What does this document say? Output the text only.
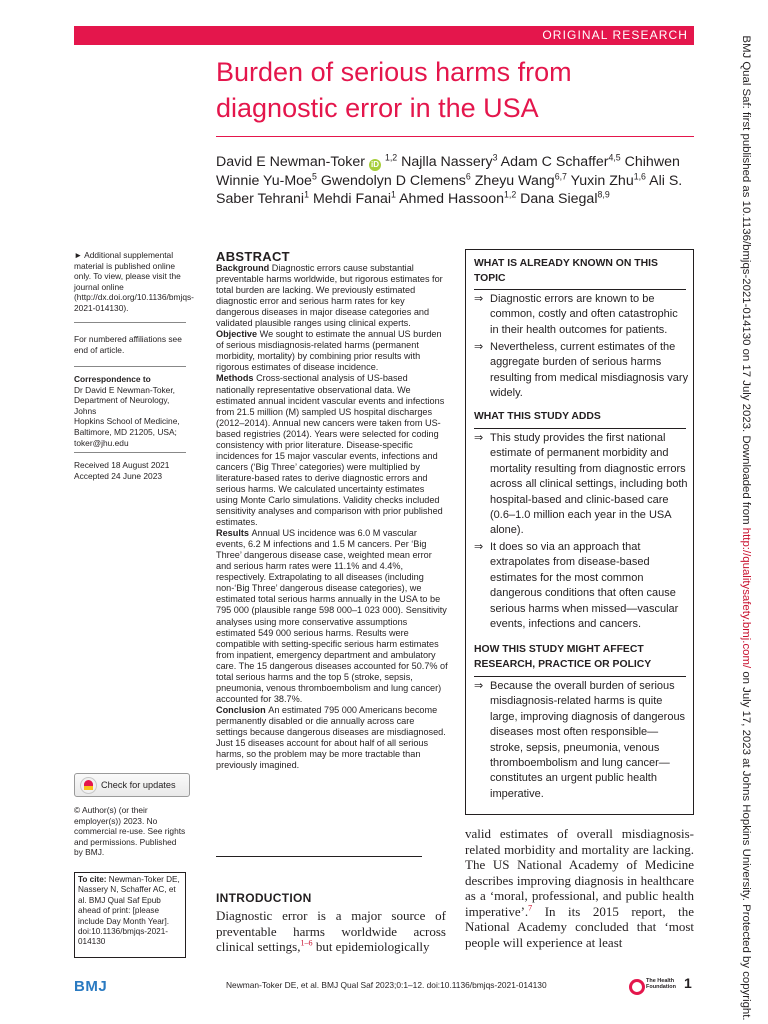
ORIGINAL RESEARCH
BMJ Qual Saf: first published as 10.1136/bmjqs-2021-014130 on 17 July 2023. Downloaded from http://qualitysafety.bmj.com/ on July 17, 2023 at Johns Hopkins University. Protected by copyright.
Burden of serious harms from diagnostic error in the USA
David E Newman-Toker iD $^{1,2}$ Najlla Nassery$^3$ Adam C Schaffer$^{4,5}$ Chihwen Winnie Yu-Moe$^5$ Gwendolyn D Clemens$^6$ Zheyu Wang$^{6,7}$ Yuxin Zhu$^{1,6}$ Ali S. Saber Tehrani$^1$ Mehdi Fanai$^1$ Ahmed Hassoon$^{1,2}$ Dana Siegal$^{8,9}$
► Additional supplemental material is published online only. To view, please visit the journal online (http://dx.doi.org/10.1136/bmjqs-2021-014130).
For numbered affiliations see end of article.
Correspondence to
Dr David E Newman-Toker,
Department of Neurology, Johns
Hopkins School of Medicine,
Baltimore, MD 21205, USA;
toker@jhu.edu
Received 18 August 2021
Accepted 24 June 2023
Check for updates
© Author(s) (or their employer(s)) 2023. No commercial re-use. See rights and permissions. Published by BMJ.
To cite: Newman-Toker DE, Nassery N, Schaffer AC, et al. BMJ Qual Saf Epub ahead of print: [please include Day Month Year]. doi:10.1136/bmjqs-2021-014130
ABSTRACT

Background Diagnostic errors cause substantial preventable harms worldwide, but rigorous estimates for total burden are lacking. We previously estimated diagnostic error and serious harm rates for key dangerous diseases in major disease categories and validated plausible ranges using clinical experts.

Objective We sought to estimate the annual US burden of serious misdiagnosis-related harms (permanent morbidity, mortality) by combining prior results with rigorous estimates of disease incidence.

Methods Cross-sectional analysis of US-based nationally representative observational data. We estimated annual incident vascular events and infections from 21.5 million (M) sampled US hospital discharges (2012–2014). Annual new cancers were taken from US-based registries (2014). Years were selected for coding consistency with prior literature. Disease-specific incidences for 15 major vascular events, infections and cancers (‘Big Three’ categories) were multiplied by literature-based rates to derive diagnostic errors and serious harms. We calculated uncertainty estimates using Monte Carlo simulations. Validity checks included sensitivity analyses and comparison with prior published estimates.

Results Annual US incidence was 6.0 M vascular events, 6.2 M infections and 1.5 M cancers. Per ‘Big Three’ dangerous disease case, weighted mean error and serious harm rates were 11.1% and 4.4%, respectively. Extrapolating to all diseases (including non-‘Big Three’ dangerous disease categories), we estimated total serious harms annually in the USA to be 795 000 (plausible range 598 000–1 023 000). Sensitivity analyses using more conservative assumptions estimated 549 000 serious harms. Results were compatible with setting-specific serious harm estimates from inpatient, emergency department and ambulatory care. The 15 dangerous diseases accounted for 50.7% of total serious harms and the top 5 (stroke, sepsis, pneumonia, venous thromboembolism and lung cancer) accounted for 38.7%.

Conclusion An estimated 795 000 Americans become permanently disabled or die annually across care settings because dangerous diseases are misdiagnosed. Just 15 diseases account for about half of all serious harms, so the problem may be more tractable than previously imagined.

INTRODUCTION
Diagnostic error is a major source of preventable harms worldwide across clinical settings,$^{1-6}$ but epidemiologically
valid estimates of overall misdiagnosis-related morbidity and mortality are lacking. The US National Academy of Medicine describes improving diagnosis in healthcare as a ‘moral, professional, and public health imperative’.$^7$ In its 2015 report, the National Academy concluded that ‘most people will experience at least
WHAT IS ALREADY KNOWN ON THIS TOPIC
⇒ Diagnostic errors are known to be common, costly and often catastrophic in their health outcomes for patients.
⇒ Nevertheless, current estimates of the aggregate burden of serious harms resulting from medical misdiagnosis vary widely.
WHAT THIS STUDY ADDS
⇒ This study provides the first national estimate of permanent morbidity and mortality resulting from diagnostic errors across all clinical settings, including both hospital-based and clinic-based care (0.6–1.0 million each year in the USA alone).
⇒ It does so via an approach that extrapolates from disease-based estimates for the most common dangerous conditions that often cause serious harms when missed—vascular events, infections and cancers.
HOW THIS STUDY MIGHT AFFECT RESEARCH, PRACTICE OR POLICY
⇒ Because the overall burden of serious misdiagnosis-related harms is quite large, improving diagnosis of dangerous diseases most often responsible—stroke, sepsis, pneumonia, venous thromboembolism and lung cancer—constitutes an urgent public health imperative.
BMJ	Newman-Toker DE, et al. BMJ Qual Saf 2023;0:1–12. doi:10.1136/bmjqs-2021-014130	The Health Foundation 1
